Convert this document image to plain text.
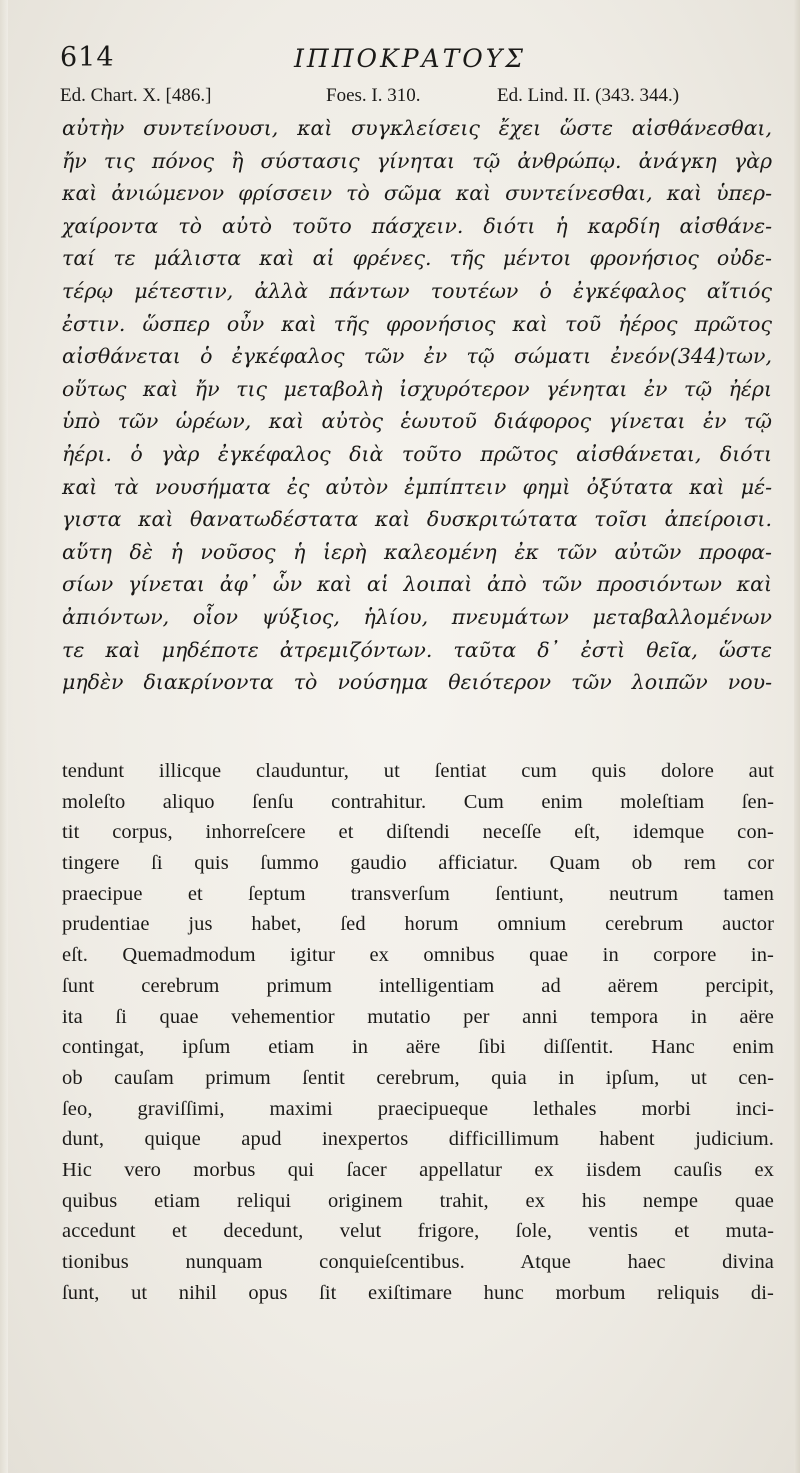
614	ΙΠΠΟΚΡΑΤΟΥΣ
Ed. Chart. X. [486.]	Foes. I. 310.	Ed. Lind. II. (343. 344.)
αὐτὴν συντείνουσι, καὶ συγκλείσεις ἔχει ὥστε αἰσθάνεσθαι,
ἤν τις πόνος ἢ σύστασις γίνηται τῷ ἀνθρώπῳ. ἀνάγκη γὰρ
καὶ ἀνιώμενον φρίσσειν τὸ σῶμα καὶ συντείνεσθαι, καὶ ὑπερ-
χαίροντα τὸ αὐτὸ τοῦτο πάσχειν. διότι ἡ καρδίη αἰσθάνε-
ταί τε μάλιστα καὶ αἱ φρένες. τῆς μέντοι φρονήσιος οὐδε-
τέρῳ μέτεστιν, ἀλλὰ πάντων τουτέων ὁ ἐγκέφαλος αἴτιός
ἐστιν. ὥσπερ οὖν καὶ τῆς φρονήσιος καὶ τοῦ ἠέρος πρῶτος
αἰσθάνεται ὁ ἐγκέφαλος τῶν ἐν τῷ σώματι ἐνεόν(344)των,
οὕτως καὶ ἤν τις μεταβολὴ ἰσχυρότερον γένηται ἐν τῷ ἠέρι
ὑπὸ τῶν ὡρέων, καὶ αὐτὸς ἑωυτοῦ διάφορος γίνεται ἐν τῷ
ἠέρι. ὁ γὰρ ἐγκέφαλος διὰ τοῦτο πρῶτος αἰσθάνεται, διότι
καὶ τὰ νουσήματα ἐς αὐτὸν ἐμπίπτειν φημὶ ὀξύτατα καὶ μέ-
γιστα καὶ θανατωδέστατα καὶ δυσκριτώτατα τοῖσι ἀπείροισι.
αὕτη δὲ ἡ νοῦσος ἡ ἱερὴ καλεομένη ἐκ τῶν αὐτῶν προφα-
σίων γίνεται ἀφ᾽ ὧν καὶ αἱ λοιπαὶ ἀπὸ τῶν προσιόντων καὶ
ἀπιόντων, οἷον ψύξιος, ἡλίου, πνευμάτων μεταβαλλομένων
τε καὶ μηδέποτε ἀτρεμιζόντων. ταῦτα δ᾽ ἐστὶ θεῖα, ὥστε
μηδὲν διακρίνοντα τὸ νούσημα θειότερον τῶν λοιπῶν νου-
tendunt illicque clauduntur, ut ſentiat cum quis dolore aut
moleſto aliquo ſenſu contrahitur. Cum enim moleſtiam ſen-
tit corpus, inhorreſcere et diſtendi neceſſe eſt, idemque con-
tingere ſi quis ſummo gaudio afficiatur. Quam ob rem cor
praecipue et ſeptum transverſum ſentiunt, neutrum tamen
prudentiae jus habet, ſed horum omnium cerebrum auctor
eſt. Quemadmodum igitur ex omnibus quae in corpore in-
ſunt cerebrum primum intelligentiam ad aërem percipit,
ita ſi quae vehementior mutatio per anni tempora in aëre
contingat, ipſum etiam in aëre ſibi diſſentit. Hanc enim
ob cauſam primum ſentit cerebrum, quia in ipſum, ut cen-
ſeo, graviſſimi, maximi praecipueque lethales morbi inci-
dunt, quique apud inexpertos difficillimum habent judicium.
Hic vero morbus qui ſacer appellatur ex iisdem cauſis ex
quibus etiam reliqui originem trahit, ex his nempe quae
accedunt et decedunt, velut frigore, ſole, ventis et muta-
tionibus nunquam conquieſcentibus. Atque haec divina
ſunt, ut nihil opus ſit exiſtimare hunc morbum reliquis di-
